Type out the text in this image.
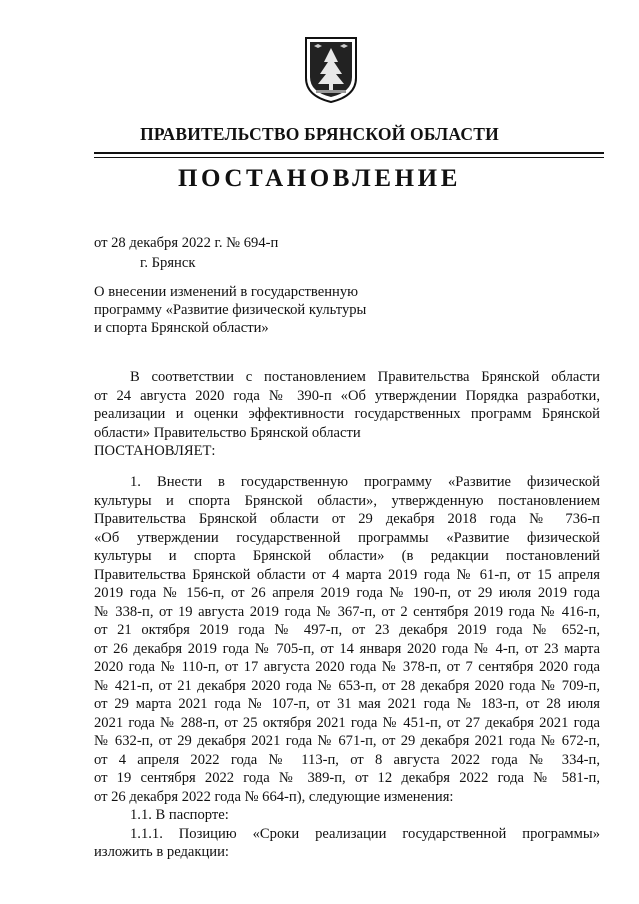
ПРАВИТЕЛЬСТВО БРЯНСКОЙ ОБЛАСТИ
ПОСТАНОВЛЕНИЕ
от 28 декабря 2022 г. № 694-п
г. Брянск
О внесении изменений в государственную
программу «Развитие физической культуры
и спорта Брянской области»
В соответствии с постановлением Правительства Брянской области
от 24 августа 2020 года № 390-п «Об утверждении Порядка разработки,
реализации и оценки эффективности государственных программ Брянской
области» Правительство Брянской области
ПОСТАНОВЛЯЕТ:
1. Внести в государственную программу «Развитие физической
культуры и спорта Брянской области», утвержденную постановлением
Правительства Брянской области от 29 декабря 2018 года № 736-п
«Об утверждении государственной программы «Развитие физической
культуры и спорта Брянской области» (в редакции постановлений
Правительства Брянской области от 4 марта 2019 года № 61-п, от 15 апреля
2019 года № 156-п, от 26 апреля 2019 года № 190-п, от 29 июля 2019 года
№ 338-п, от 19 августа 2019 года № 367-п, от 2 сентября 2019 года № 416-п,
от 21 октября 2019 года № 497-п, от 23 декабря 2019 года № 652-п,
от 26 декабря 2019 года № 705-п, от 14 января 2020 года № 4-п, от 23 марта
2020 года № 110-п, от 17 августа 2020 года № 378-п, от 7 сентября 2020 года
№ 421-п, от 21 декабря 2020 года № 653-п, от 28 декабря 2020 года № 709-п,
от 29 марта 2021 года № 107-п, от 31 мая 2021 года № 183-п, от 28 июля
2021 года № 288-п, от 25 октября 2021 года № 451-п, от 27 декабря 2021 года
№ 632-п, от 29 декабря 2021 года № 671-п, от 29 декабря 2021 года № 672-п,
от 4 апреля 2022 года № 113-п, от 8 августа 2022 года № 334-п,
от 19 сентября 2022 года № 389-п, от 12 декабря 2022 года № 581-п,
от 26 декабря 2022 года № 664-п), следующие изменения:
1.1. В паспорте:
1.1.1. Позицию «Сроки реализации государственной программы»
изложить в редакции:
